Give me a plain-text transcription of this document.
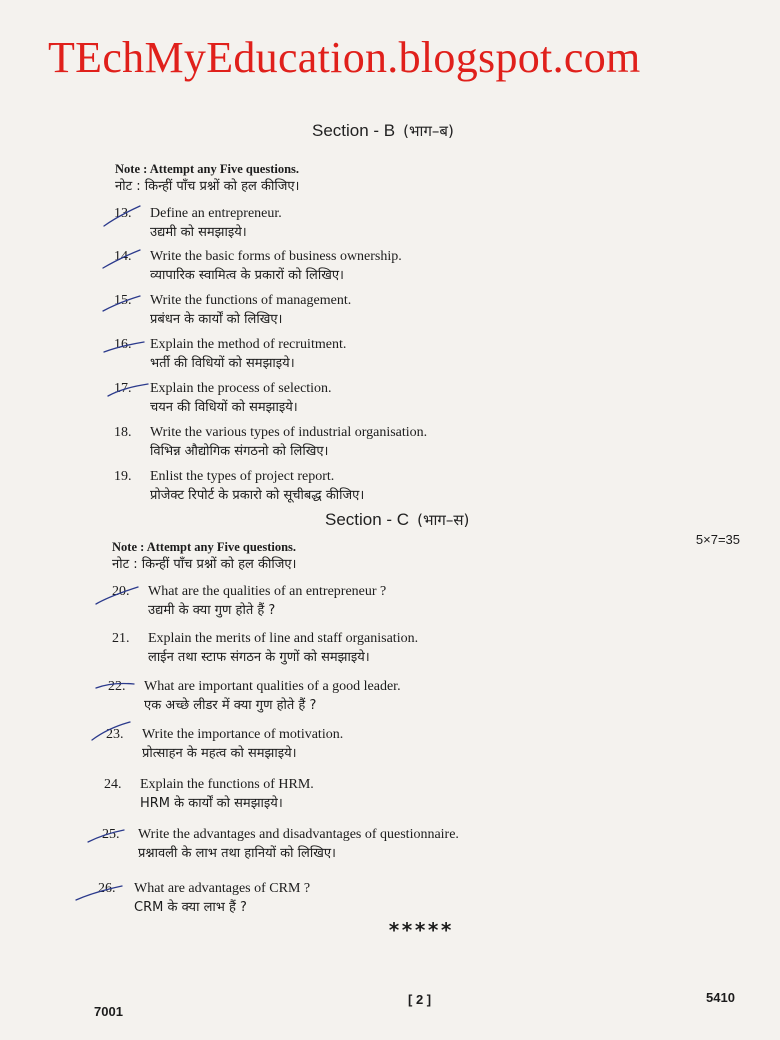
TEchMyEducation.blogspot.com
Section - B (भाग–ब)
Note : Attempt any Five questions.
नोट : किन्हीं पाँच प्रश्नों को हल कीजिए।
13.	Define an entrepreneur.
उद्यमी को समझाइये।
14.	Write the basic forms of business ownership.
व्यापारिक स्वामित्व के प्रकारों को लिखिए।
15.	Write the functions of management.
प्रबंधन के कार्यों को लिखिए।
16.	Explain the method of recruitment.
भर्ती की विधियों को समझाइये।
17.	Explain the process of selection.
चयन की विधियों को समझाइये।
18.	Write the various types of industrial organisation.
विभिन्न औद्योगिक संगठनो को लिखिए।
19.	Enlist the types of project report.
प्रोजेक्ट रिपोर्ट के प्रकारो को सूचीबद्ध कीजिए।
Section - C (भाग–स)
5×7=35
Note : Attempt any Five questions.
नोट : किन्हीं पाँच प्रश्नों को हल कीजिए।
20.	What are the qualities of an entrepreneur ?
उद्यमी के क्या गुण होते हैं ?
21.	Explain the merits of line and staff organisation.
लाईन तथा स्टाफ संगठन के गुणों को समझाइये।
22.	What are important qualities of a good leader.
एक अच्छे लीडर में क्या गुण होते हैं ?
23.	Write the importance of motivation.
प्रोत्साहन के महत्व को समझाइये।
24.	Explain the functions of HRM.
HRM के कार्यों को समझाइये।
25.	Write the advantages and disadvantages of questionnaire.
प्रश्नावली के लाभ तथा हानियों को लिखिए।
26.	What are advantages of CRM ?
CRM के क्या लाभ हैं ?
*****
7001
[ 2 ]	5410
